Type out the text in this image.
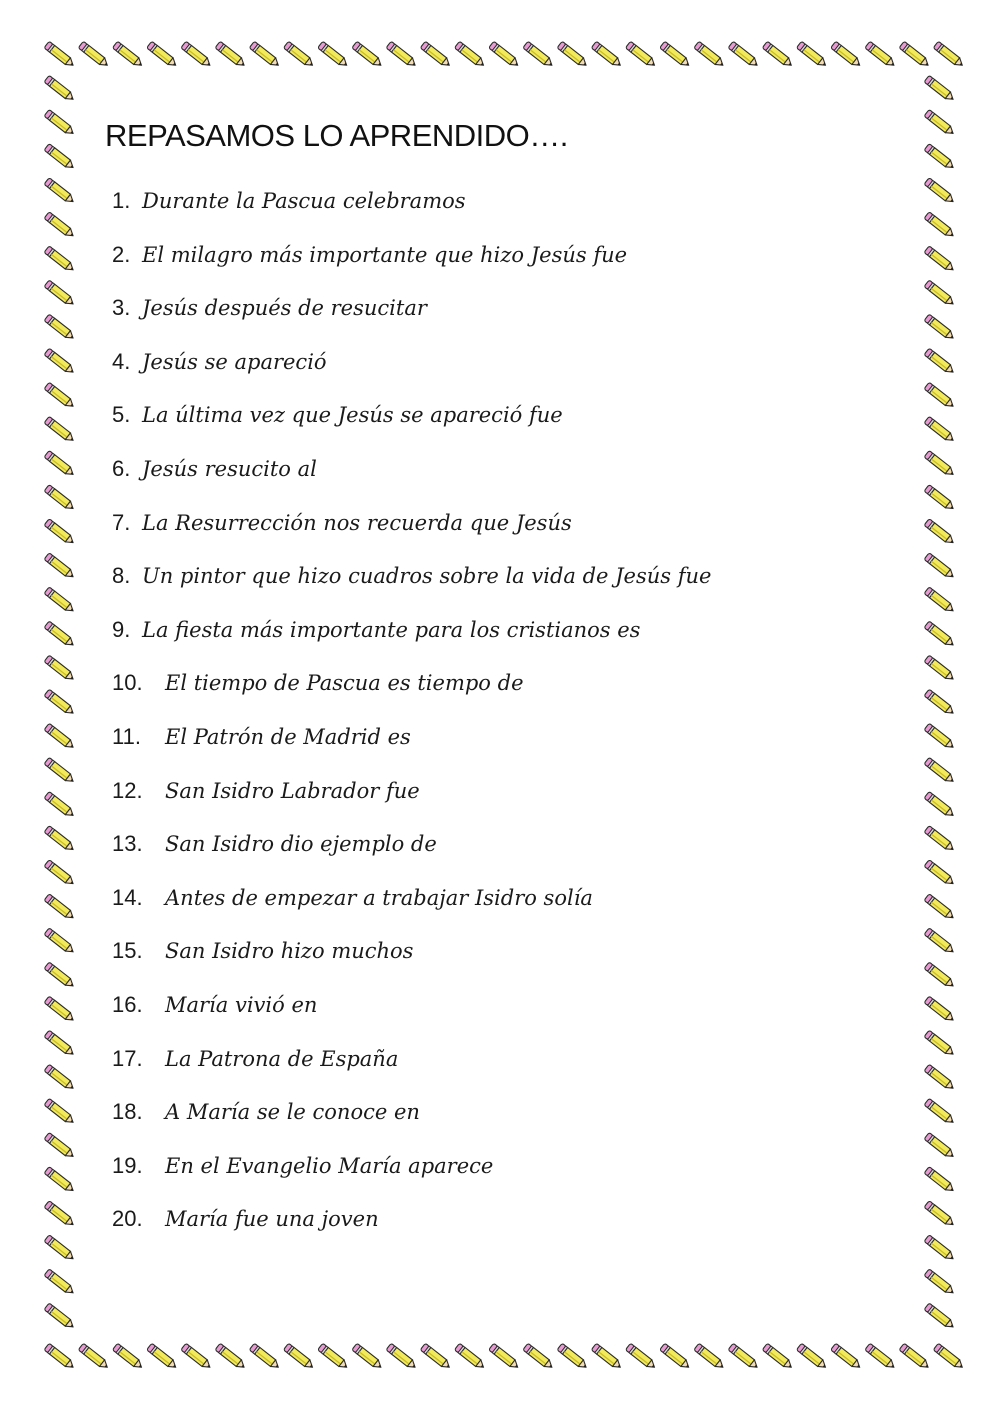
REPASAMOS LO APRENDIDO….
1. Durante la Pascua celebramos
2. El milagro más importante que hizo Jesús fue
3. Jesús después de resucitar
4. Jesús se apareció
5. La última vez que Jesús se apareció fue
6. Jesús resucito al
7. La Resurrección nos recuerda que Jesús
8. Un pintor que hizo cuadros sobre la vida de Jesús fue
9. La fiesta más importante para los cristianos es
10.	El tiempo de Pascua es tiempo de
11.	El Patrón de Madrid es
12.	San Isidro Labrador fue
13.	San Isidro dio ejemplo de
14.	Antes de empezar a trabajar Isidro solía
15.	San Isidro hizo muchos
16.	María vivió en
17.	La Patrona de España
18.	A María se le conoce en
19.	En el Evangelio María aparece
20.	María fue una joven
